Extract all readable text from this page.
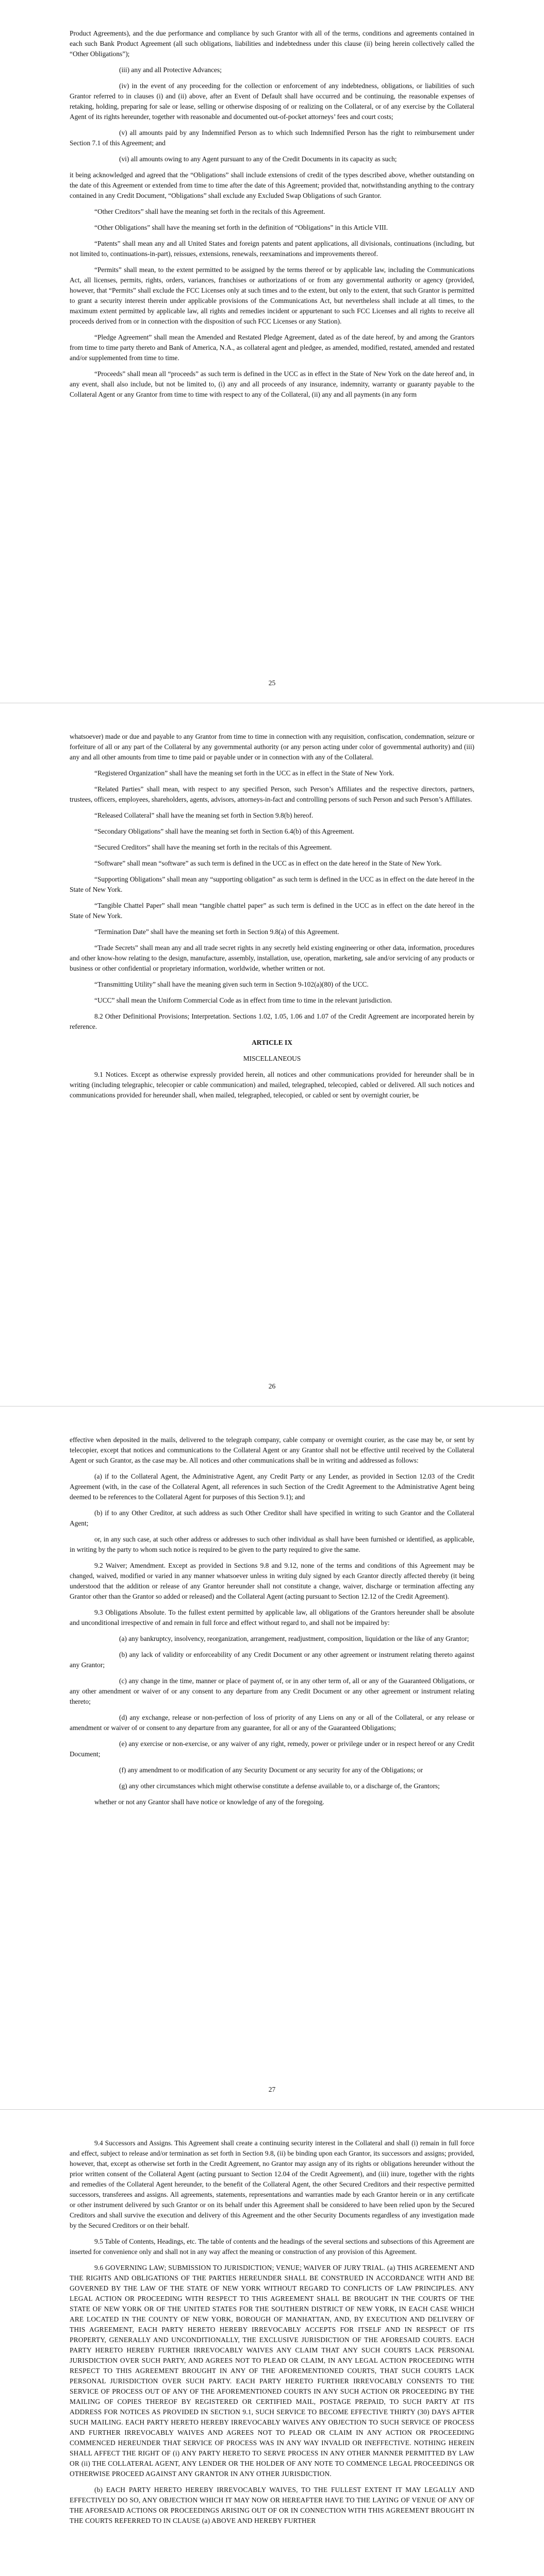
Product Agreements), and the due performance and compliance by such Grantor with all of the terms, conditions and agreements contained in each such Bank Product Agreement (all such obligations, liabilities and indebtedness under this clause (ii) being herein collectively called the “Other Obligations”);

(iii) any and all Protective Advances;

(iv) in the event of any proceeding for the collection or enforcement of any indebtedness, obligations, or liabilities of such Grantor referred to in clauses (i) and (ii) above, after an Event of Default shall have occurred and be continuing, the reasonable expenses of retaking, holding, preparing for sale or lease, selling or otherwise disposing of or realizing on the Collateral, or of any exercise by the Collateral Agent of its rights hereunder, together with reasonable and documented out-of-pocket attorneys’ fees and court costs;

(v) all amounts paid by any Indemnified Person as to which such Indemnified Person has the right to reimbursement under Section 7.1 of this Agreement; and

(vi) all amounts owing to any Agent pursuant to any of the Credit Documents in its capacity as such;

it being acknowledged and agreed that the “Obligations” shall include extensions of credit of the types described above, whether outstanding on the date of this Agreement or extended from time to time after the date of this Agreement; provided that, notwithstanding anything to the contrary contained in any Credit Document, “Obligations” shall exclude any Excluded Swap Obligations of such Grantor.

“Other Creditors” shall have the meaning set forth in the recitals of this Agreement.

“Other Obligations” shall have the meaning set forth in the definition of “Obligations” in this Article VIII.

“Patents” shall mean any and all United States and foreign patents and patent applications, all divisionals, continuations (including, but not limited to, continuations-in-part), reissues, extensions, renewals, reexaminations and improvements thereof.

“Permits” shall mean, to the extent permitted to be assigned by the terms thereof or by applicable law, including the Communications Act, all licenses, permits, rights, orders, variances, franchises or authorizations of or from any governmental authority or agency (provided, however, that “Permits” shall exclude the FCC Licenses only at such times and to the extent, but only to the extent, that such Grantor is permitted to grant a security interest therein under applicable provisions of the Communications Act, but nevertheless shall include at all times, to the maximum extent permitted by applicable law, all rights and remedies incident or appurtenant to such FCC Licenses and all rights to receive all proceeds derived from or in connection with the disposition of such FCC Licenses or any Station).

“Pledge Agreement” shall mean the Amended and Restated Pledge Agreement, dated as of the date hereof, by and among the Grantors from time to time party thereto and Bank of America, N.A., as collateral agent and pledgee, as amended, modified, restated, amended and restated and/or supplemented from time to time.

“Proceeds” shall mean all “proceeds” as such term is defined in the UCC as in effect in the State of New York on the date hereof and, in any event, shall also include, but not be limited to, (i) any and all proceeds of any insurance, indemnity, warranty or guaranty payable to the Collateral Agent or any Grantor from time to time with respect to any of the Collateral, (ii) any and all payments (in any form

25

whatsoever) made or due and payable to any Grantor from time to time in connection with any requisition, confiscation, condemnation, seizure or forfeiture of all or any part of the Collateral by any governmental authority (or any person acting under color of governmental authority) and (iii) any and all other amounts from time to time paid or payable under or in connection with any of the Collateral.

“Registered Organization” shall have the meaning set forth in the UCC as in effect in the State of New York.

“Related Parties” shall mean, with respect to any specified Person, such Person’s Affiliates and the respective directors, partners, trustees, officers, employees, shareholders, agents, advisors, attorneys-in-fact and controlling persons of such Person and such Person’s Affiliates.

“Released Collateral” shall have the meaning set forth in Section 9.8(b) hereof.

“Secondary Obligations” shall have the meaning set forth in Section 6.4(b) of this Agreement.

“Secured Creditors” shall have the meaning set forth in the recitals of this Agreement.

“Software” shall mean “software” as such term is defined in the UCC as in effect on the date hereof in the State of New York.

“Supporting Obligations” shall mean any “supporting obligation” as such term is defined in the UCC as in effect on the date hereof in the State of New York.

“Tangible Chattel Paper” shall mean “tangible chattel paper” as such term is defined in the UCC as in effect on the date hereof in the State of New York.

“Termination Date” shall have the meaning set forth in Section 9.8(a) of this Agreement.

“Trade Secrets” shall mean any and all trade secret rights in any secretly held existing engineering or other data, information, procedures and other know-how relating to the design, manufacture, assembly, installation, use, operation, marketing, sale and/or servicing of any products or business or other confidential or proprietary information, worldwide, whether written or not.

“Transmitting Utility” shall have the meaning given such term in Section 9-102(a)(80) of the UCC.

“UCC” shall mean the Uniform Commercial Code as in effect from time to time in the relevant jurisdiction.

8.2 Other Definitional Provisions; Interpretation. Sections 1.02, 1.05, 1.06 and 1.07 of the Credit Agreement are incorporated herein by reference.

ARTICLE IX

MISCELLANEOUS

9.1 Notices. Except as otherwise expressly provided herein, all notices and other communications provided for hereunder shall be in writing (including telegraphic, telecopier or cable communication) and mailed, telegraphed, telecopied, cabled or delivered. All such notices and communications provided for hereunder shall, when mailed, telegraphed, telecopied, or cabled or sent by overnight courier, be

26

effective when deposited in the mails, delivered to the telegraph company, cable company or overnight courier, as the case may be, or sent by telecopier, except that notices and communications to the Collateral Agent or any Grantor shall not be effective until received by the Collateral Agent or such Grantor, as the case may be. All notices and other communications shall be in writing and addressed as follows:

(a) if to the Collateral Agent, the Administrative Agent, any Credit Party or any Lender, as provided in Section 12.03 of the Credit Agreement (with, in the case of the Collateral Agent, all references in such Section of the Credit Agreement to the Administrative Agent being deemed to be references to the Collateral Agent for purposes of this Section 9.1); and

(b) if to any Other Creditor, at such address as such Other Creditor shall have specified in writing to such Grantor and the Collateral Agent;

or, in any such case, at such other address or addresses to such other individual as shall have been furnished or identified, as applicable, in writing by the party to whom such notice is required to be given to the party required to give the same.

9.2 Waiver; Amendment. Except as provided in Sections 9.8 and 9.12, none of the terms and conditions of this Agreement may be changed, waived, modified or varied in any manner whatsoever unless in writing duly signed by each Grantor directly affected thereby (it being understood that the addition or release of any Grantor hereunder shall not constitute a change, waiver, discharge or termination affecting any Grantor other than the Grantor so added or released) and the Collateral Agent (acting pursuant to Section 12.12 of the Credit Agreement).

9.3 Obligations Absolute. To the fullest extent permitted by applicable law, all obligations of the Grantors hereunder shall be absolute and unconditional irrespective of and remain in full force and effect without regard to, and shall not be impaired by:

(a) any bankruptcy, insolvency, reorganization, arrangement, readjustment, composition, liquidation or the like of any Grantor;

(b) any lack of validity or enforceability of any Credit Document or any other agreement or instrument relating thereto against any Grantor;

(c) any change in the time, manner or place of payment of, or in any other term of, all or any of the Guaranteed Obligations, or any other amendment or waiver of or any consent to any departure from any Credit Document or any other agreement or instrument relating thereto;

(d) any exchange, release or non-perfection of loss of priority of any Liens on any or all of the Collateral, or any release or amendment or waiver of or consent to any departure from any guarantee, for all or any of the Guaranteed Obligations;

(e) any exercise or non-exercise, or any waiver of any right, remedy, power or privilege under or in respect hereof or any Credit Document;

(f) any amendment to or modification of any Security Document or any security for any of the Obligations; or

(g) any other circumstances which might otherwise constitute a defense available to, or a discharge of, the Grantors;

whether or not any Grantor shall have notice or knowledge of any of the foregoing.

27

9.4 Successors and Assigns. This Agreement shall create a continuing security interest in the Collateral and shall (i) remain in full force and effect, subject to release and/or termination as set forth in Section 9.8, (ii) be binding upon each Grantor, its successors and assigns; provided, however, that, except as otherwise set forth in the Credit Agreement, no Grantor may assign any of its rights or obligations hereunder without the prior written consent of the Collateral Agent (acting pursuant to Section 12.04 of the Credit Agreement), and (iii) inure, together with the rights and remedies of the Collateral Agent hereunder, to the benefit of the Collateral Agent, the other Secured Creditors and their respective permitted successors, transferees and assigns. All agreements, statements, representations and warranties made by each Grantor herein or in any certificate or other instrument delivered by such Grantor or on its behalf under this Agreement shall be considered to have been relied upon by the Secured Creditors and shall survive the execution and delivery of this Agreement and the other Security Documents regardless of any investigation made by the Secured Creditors or on their behalf.

9.5 Table of Contents, Headings, etc. The table of contents and the headings of the several sections and subsections of this Agreement are inserted for convenience only and shall not in any way affect the meaning or construction of any provision of this Agreement.

9.6 GOVERNING LAW; SUBMISSION TO JURISDICTION; VENUE; WAIVER OF JURY TRIAL. (a) THIS AGREEMENT AND THE RIGHTS AND OBLIGATIONS OF THE PARTIES HEREUNDER SHALL BE CONSTRUED IN ACCORDANCE WITH AND BE GOVERNED BY THE LAW OF THE STATE OF NEW YORK WITHOUT REGARD TO CONFLICTS OF LAW PRINCIPLES. ANY LEGAL ACTION OR PROCEEDING WITH RESPECT TO THIS AGREEMENT SHALL BE BROUGHT IN THE COURTS OF THE STATE OF NEW YORK OR OF THE UNITED STATES FOR THE SOUTHERN DISTRICT OF NEW YORK, IN EACH CASE WHICH ARE LOCATED IN THE COUNTY OF NEW YORK, BOROUGH OF MANHATTAN, AND, BY EXECUTION AND DELIVERY OF THIS AGREEMENT, EACH PARTY HERETO HEREBY IRREVOCABLY ACCEPTS FOR ITSELF AND IN RESPECT OF ITS PROPERTY, GENERALLY AND UNCONDITIONALLY, THE EXCLUSIVE JURISDICTION OF THE AFORESAID COURTS. EACH PARTY HERETO HEREBY FURTHER IRREVOCABLY WAIVES ANY CLAIM THAT ANY SUCH COURTS LACK PERSONAL JURISDICTION OVER SUCH PARTY, AND AGREES NOT TO PLEAD OR CLAIM, IN ANY LEGAL ACTION PROCEEDING WITH RESPECT TO THIS AGREEMENT BROUGHT IN ANY OF THE AFOREMENTIONED COURTS, THAT SUCH COURTS LACK PERSONAL JURISDICTION OVER SUCH PARTY. EACH PARTY HERETO FURTHER IRREVOCABLY CONSENTS TO THE SERVICE OF PROCESS OUT OF ANY OF THE AFOREMENTIONED COURTS IN ANY SUCH ACTION OR PROCEEDING BY THE MAILING OF COPIES THEREOF BY REGISTERED OR CERTIFIED MAIL, POSTAGE PREPAID, TO SUCH PARTY AT ITS ADDRESS FOR NOTICES AS PROVIDED IN SECTION 9.1, SUCH SERVICE TO BECOME EFFECTIVE THIRTY (30) DAYS AFTER SUCH MAILING. EACH PARTY HERETO HEREBY IRREVOCABLY WAIVES ANY OBJECTION TO SUCH SERVICE OF PROCESS AND FURTHER IRREVOCABLY WAIVES AND AGREES NOT TO PLEAD OR CLAIM IN ANY ACTION OR PROCEEDING COMMENCED HEREUNDER THAT SERVICE OF PROCESS WAS IN ANY WAY INVALID OR INEFFECTIVE. NOTHING HEREIN SHALL AFFECT THE RIGHT OF (i) ANY PARTY HERETO TO SERVE PROCESS IN ANY OTHER MANNER PERMITTED BY LAW OR (ii) THE COLLATERAL AGENT, ANY LENDER OR THE HOLDER OF ANY NOTE TO COMMENCE LEGAL PROCEEDINGS OR OTHERWISE PROCEED AGAINST ANY GRANTOR IN ANY OTHER JURISDICTION.

(b) EACH PARTY HERETO HEREBY IRREVOCABLY WAIVES, TO THE FULLEST EXTENT IT MAY LEGALLY AND EFFECTIVELY DO SO, ANY OBJECTION WHICH IT MAY NOW OR HEREAFTER HAVE TO THE LAYING OF VENUE OF ANY OF THE AFORESAID ACTIONS OR PROCEEDINGS ARISING OUT OF OR IN CONNECTION WITH THIS AGREEMENT BROUGHT IN THE COURTS REFERRED TO IN CLAUSE (a) ABOVE AND HEREBY FURTHER
